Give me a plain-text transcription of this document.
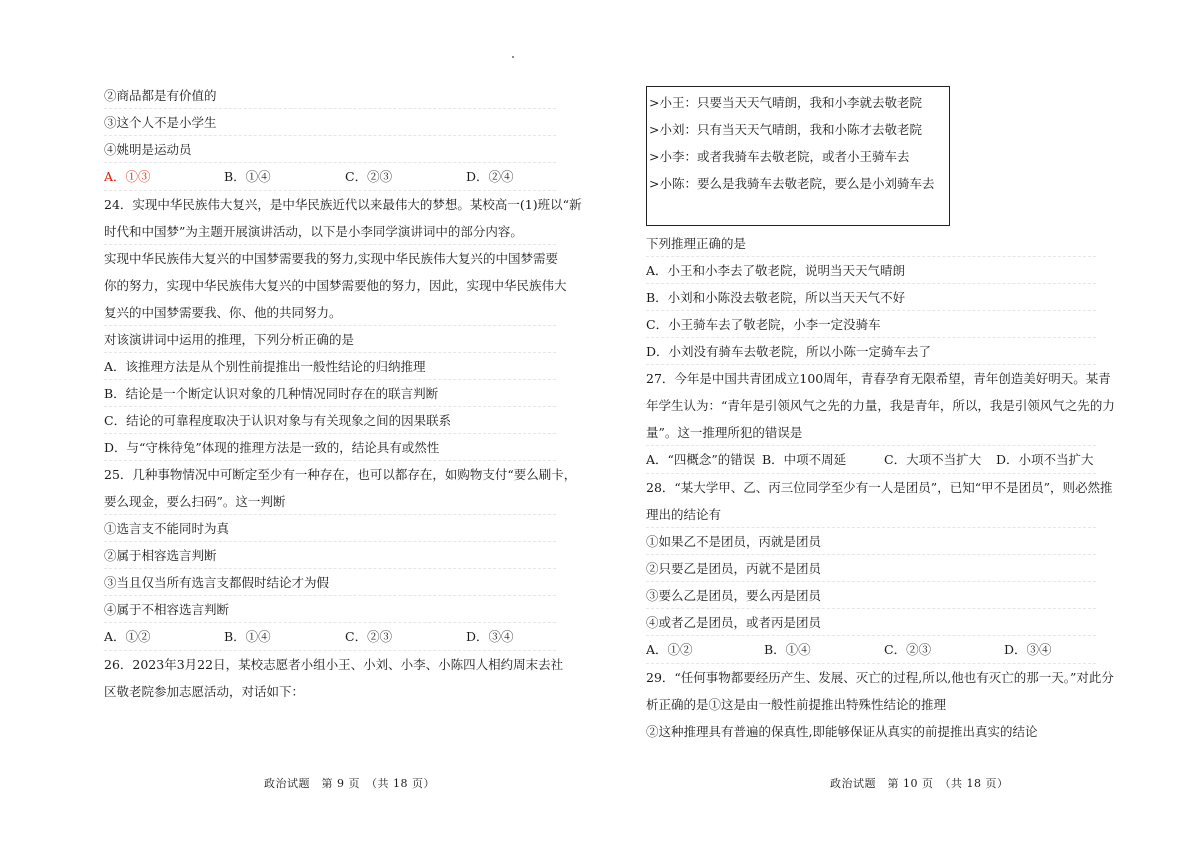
②商品都是有价值的
③这个人不是小学生
④姚明是运动员
A．①③	B．①④	C．②③	D．②④
24．实现中华民族伟大复兴，是中华民族近代以来最伟大的梦想。某校高一(1)班以“新
时代和中国梦”为主题开展演讲活动，以下是小李同学演讲词中的部分内容。
实现中华民族伟大复兴的中国梦需要我的努力,实现中华民族伟大复兴的中国梦需要
你的努力，实现中华民族伟大复兴的中国梦需要他的努力，因此，实现中华民族伟大
复兴的中国梦需要我、你、他的共同努力。
对该演讲词中运用的推理，下列分析正确的是
A．该推理方法是从个别性前提推出一般性结论的归纳推理
B．结论是一个断定认识对象的几种情况同时存在的联言判断
C．结论的可靠程度取决于认识对象与有关现象之间的因果联系
D．与“守株待兔”体现的推理方法是一致的，结论具有或然性
25．几种事物情况中可断定至少有一种存在，也可以都存在，如购物支付“要么刷卡，
要么现金，要么扫码”。这一判断
①选言支不能同时为真
②属于相容选言判断
③当且仅当所有选言支都假时结论才为假
④属于不相容选言判断
A．①②	B．①④	C．②③	D．③④
26．2023年3月22日，某校志愿者小组小王、小刘、小李、小陈四人相约周末去社
区敬老院参加志愿活动，对话如下：
政治试题　第 9 页　（共 18 页）
>小王：只要当天天气晴朗，我和小李就去敬老院
>小刘：只有当天天气晴朗，我和小陈才去敬老院
>小李：或者我骑车去敬老院，或者小王骑车去
>小陈：要么是我骑车去敬老院，要么是小刘骑车去
下列推理正确的是
A．小王和小李去了敬老院，说明当天天气晴朗
B．小刘和小陈没去敬老院，所以当天天气不好
C．小王骑车去了敬老院，小李一定没骑车
D．小刘没有骑车去敬老院，所以小陈一定骑车去了
27．今年是中国共青团成立100周年，青春孕育无限希望，青年创造美好明天。某青
年学生认为：“青年是引领风气之先的力量，我是青年，所以，我是引领风气之先的力
量”。这一推理所犯的错误是
A．“四概念”的错误 B．中项不周延	C．大项不当扩大 D．小项不当扩大
28．“某大学甲、乙、丙三位同学至少有一人是团员”，已知“甲不是团员”，则必然推
理出的结论有
①如果乙不是团员，丙就是团员
②只要乙是团员，丙就不是团员
③要么乙是团员，要么丙是团员
④或者乙是团员，或者丙是团员
A．①②	B．①④	C．②③	D．③④
29．“任何事物都要经历产生、发展、灭亡的过程,所以,他也有灭亡的那一天。”对此分
析正确的是①这是由一般性前提推出特殊性结论的推理
②这种推理具有普遍的保真性,即能够保证从真实的前提推出真实的结论
政治试题　第 10 页　（共 18 页）
